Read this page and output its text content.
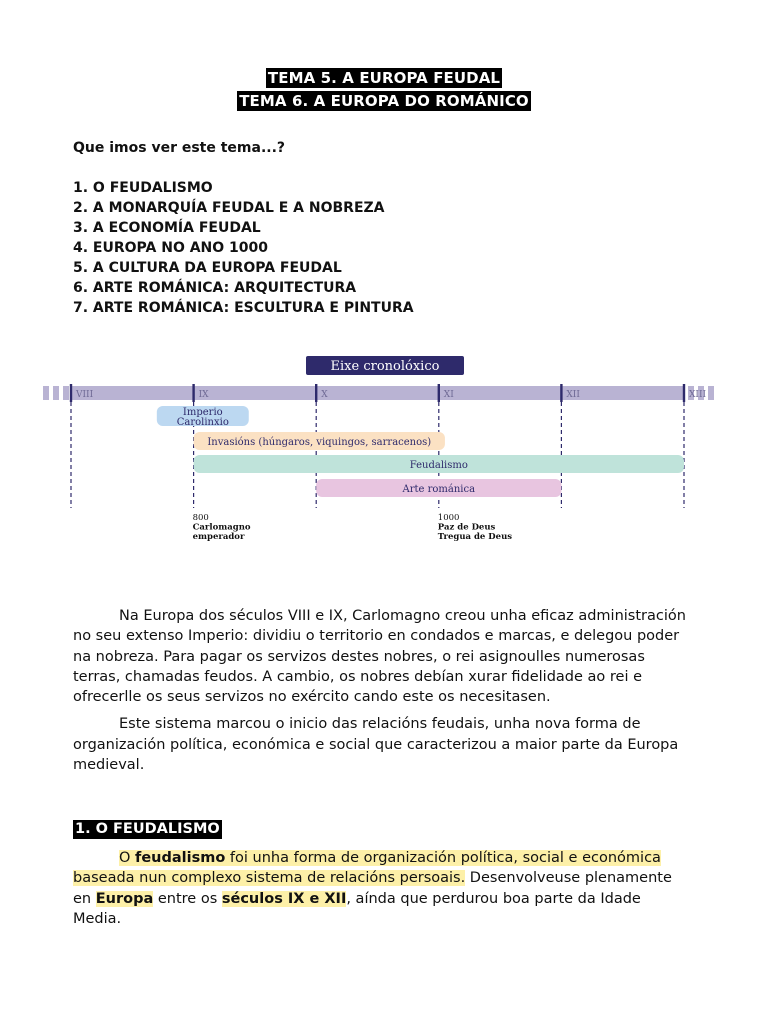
TEMA 5. A EUROPA FEUDAL
TEMA 6. A EUROPA DO ROMÁNICO
Que imos ver este tema...?
1. O FEUDALISMO
2. A MONARQUÍA FEUDAL E A NOBREZA
3. A ECONOMÍA FEUDAL
4. EUROPA NO ANO 1000
5. A CULTURA DA EUROPA FEUDAL
6. ARTE ROMÁNICA: ARQUITECTURA
7. ARTE ROMÁNICA: ESCULTURA E PINTURA
Eixe cronolóxico
VIII	IX	X	XI	XII	XIII
Imperio
Carolinxio
Invasións (húngaros, viquingos, sarracenos)
Feudalismo
Arte románica
800
Carlomagno
emperador
1000
Paz de Deus
Tregua de Deus

Na Europa dos séculos VIII e IX, Carlomagno creou unha eficaz administración no seu extenso Imperio: dividiu o territorio en condados e marcas, e delegou poder na nobreza. Para pagar os servizos destes nobres, o rei asignoulles numerosas terras, chamadas feudos. A cambio, os nobres debían xurar fidelidade ao rei e ofrecerlle os seus servizos no exército cando este os necesitasen.

Este sistema marcou o inicio das relacións feudais, unha nova forma de organización política, económica e social que caracterizou a maior parte da Europa medieval.

1. O FEUDALISMO

O feudalismo foi unha forma de organización política, social e económica baseada nun complexo sistema de relacións persoais. Desenvolveuse plenamente en Europa entre os séculos IX e XII, aínda que perdurou boa parte da Idade Media.
